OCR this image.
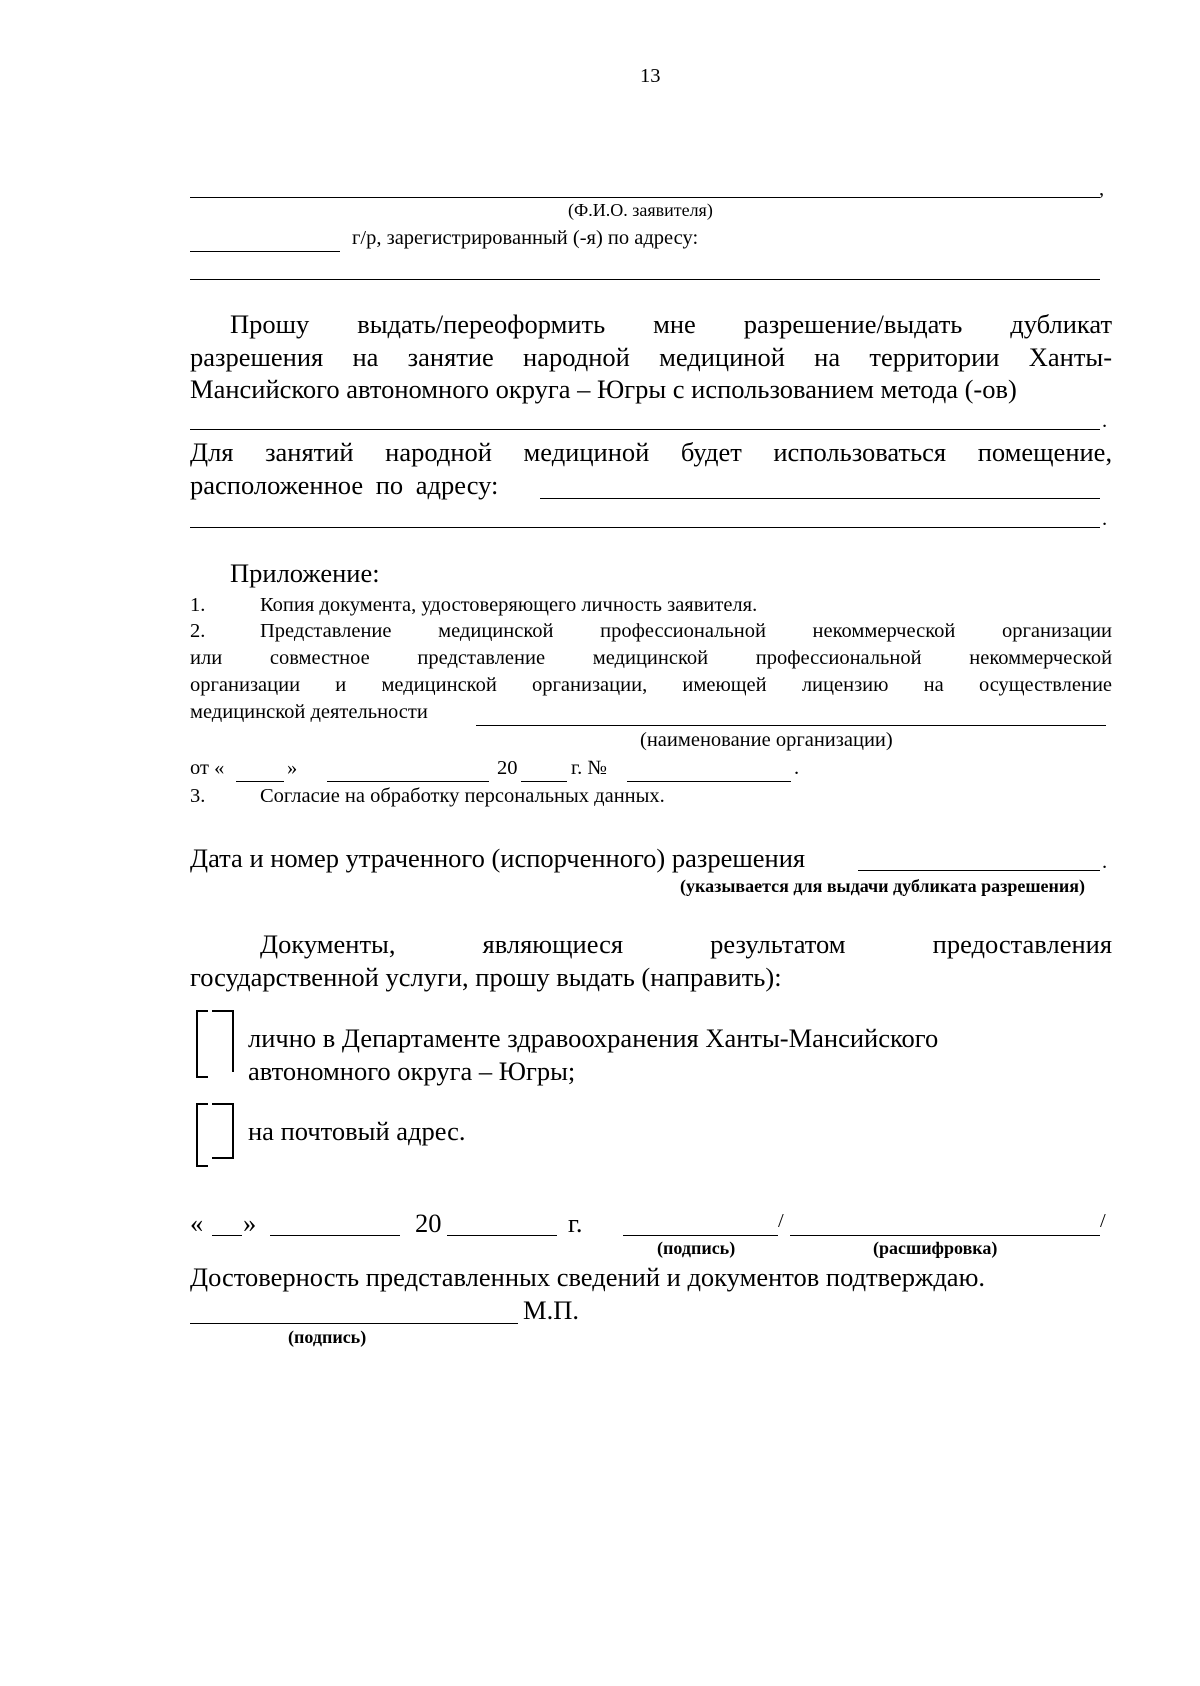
13
,
(Ф.И.О. заявителя)
г/р, зарегистрированный (-я) по адресу:
Прошу выдать/переоформить мне разрешение/выдать дубликат
разрешения на занятие народной медициной на территории Ханты-
Мансийского автономного округа – Югры с использованием метода (-ов)
.
Для занятий народной медициной будет использоваться помещение,
расположенное по адресу:
.
Приложение:
1.	Копия документа, удостоверяющего личность заявителя.
2.	Представление медицинской профессиональной некоммерческой организации
или совместное представление медицинской профессиональной некоммерческой
организации и медицинской организации, имеющей лицензию на осуществление
медицинской деятельности
(наименование организации)
от «	»	20	г. №	.
3.	Согласие на обработку персональных данных.
Дата и номер утраченного (испорченного) разрешения	.
(указывается для выдачи дубликата разрешения)
Документы,	являющиеся	результатом	предоставления
государственной услуги, прошу выдать (направить):
лично в Департаменте здравоохранения Ханты-Мансийского
автономного округа – Югры;
на почтовый адрес.
« »	20	г.	/	/
(подпись)	(расшифровка)
Достоверность представленных сведений и документов подтверждаю.
М.П.
(подпись)
